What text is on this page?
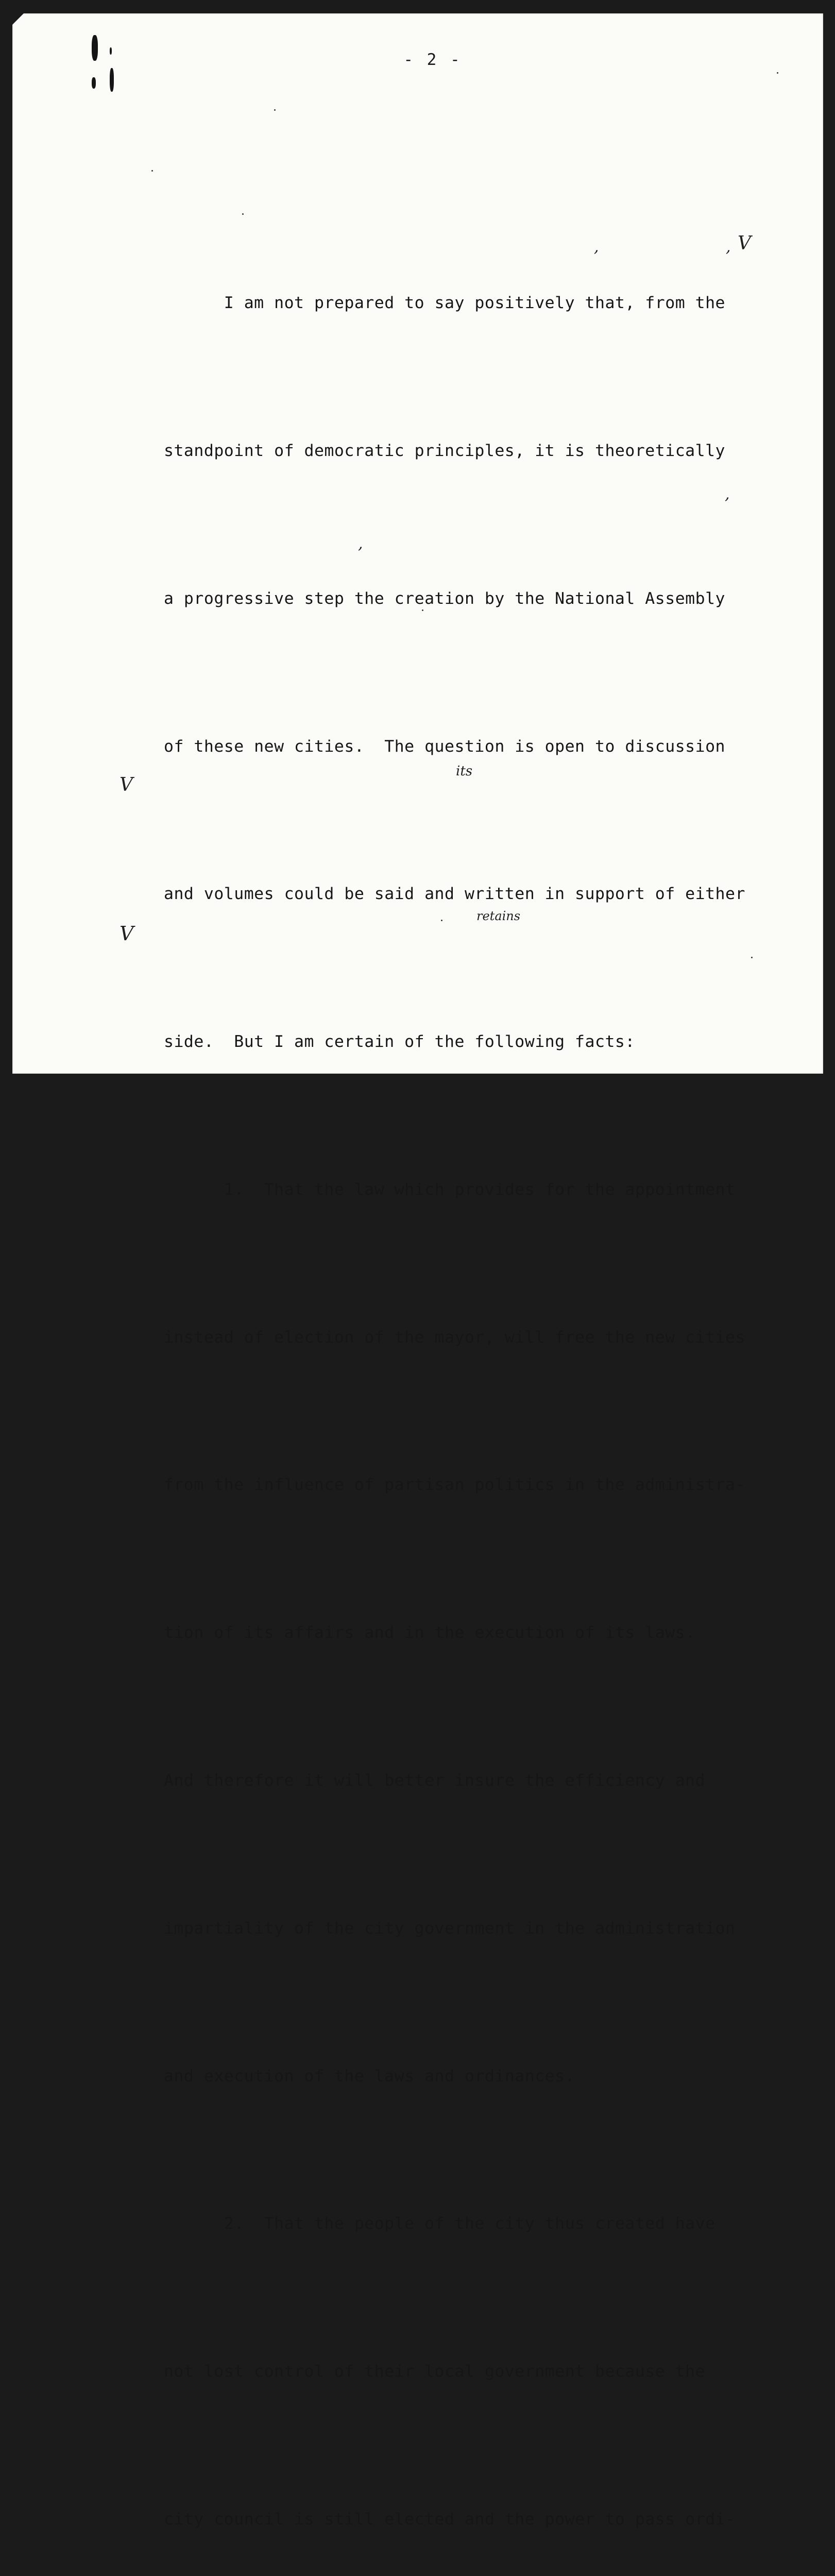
- 2 -

I am not prepared to say positively that, from the

standpoint of democratic principles, it is theoretically

a progressive step the creation by the National Assembly

of these new cities.  The question is open to discussion

and volumes could be said and written in support of either

side.  But I am certain of the following facts:

1.  That the law which provides for the appointment

instead of election of the mayor, will free the new cities

from the influence of partisan politics in the administra-

tion of its affairs and in the execution of its laws.

And therefore it will better insure the efficiency and

impartiality of the city government in the administration

and execution of the laws and ordinances.

2.  That the people of the city thus created have

not lost control of their local government because the

city council is still elected and the power to pass ordi-

V
V
V
its
retains
,
,
,
,
